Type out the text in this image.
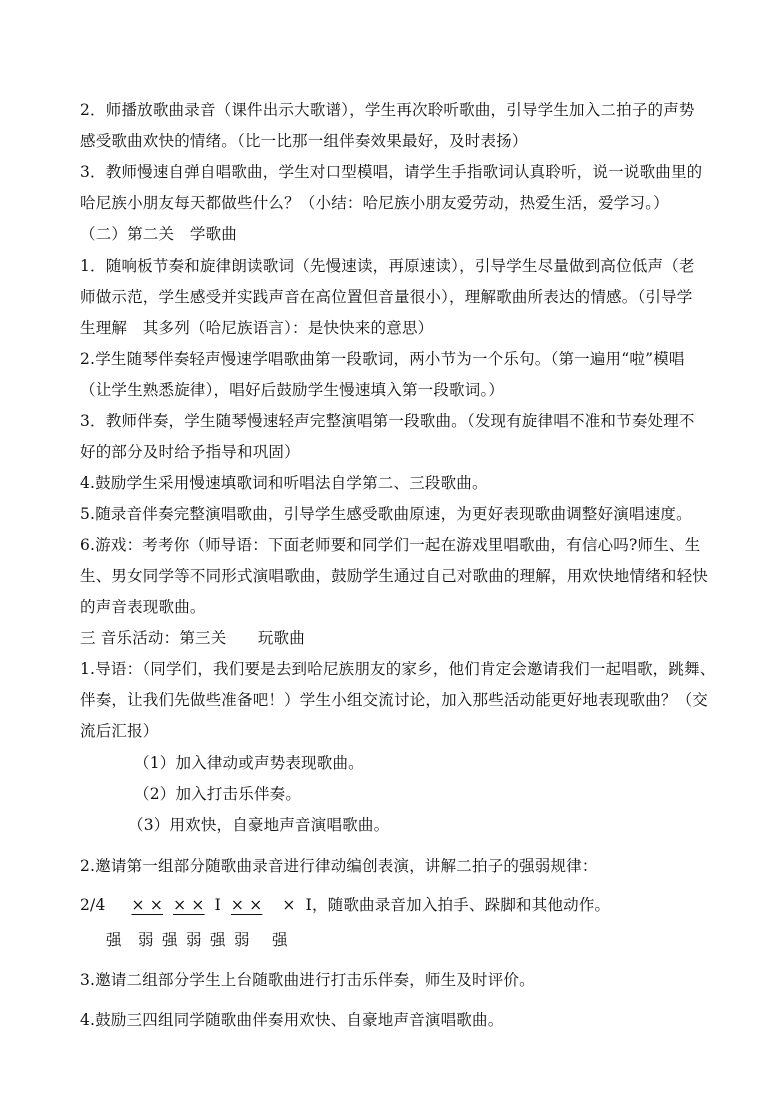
2．师播放歌曲录音（课件出示大歌谱），学生再次聆听歌曲，引导学生加入二拍子的声势
感受歌曲欢快的情绪。（比一比那一组伴奏效果最好，及时表扬）
3．教师慢速自弹自唱歌曲，学生对口型模唱，请学生手指歌词认真聆听，说一说歌曲里的
哈尼族小朋友每天都做些什么？（小结：哈尼族小朋友爱劳动，热爱生活，爱学习。）
（二）第二关　学歌曲
1．随响板节奏和旋律朗读歌词（先慢速读，再原速读），引导学生尽量做到高位低声（老
师做示范，学生感受并实践声音在高位置但音量很小），理解歌曲所表达的情感。（引导学
生理解　其多列（哈尼族语言）：是快快来的意思）
2.学生随琴伴奏轻声慢速学唱歌曲第一段歌词，两小节为一个乐句。（第一遍用“啦”模唱
（让学生熟悉旋律），唱好后鼓励学生慢速填入第一段歌词。）
3．教师伴奏，学生随琴慢速轻声完整演唱第一段歌曲。（发现有旋律唱不准和节奏处理不
好的部分及时给予指导和巩固）
4.鼓励学生采用慢速填歌词和听唱法自学第二、三段歌曲。
5.随录音伴奏完整演唱歌曲，引导学生感受歌曲原速，为更好表现歌曲调整好演唱速度。
6.游戏：考考你（师导语：下面老师要和同学们一起在游戏里唱歌曲，有信心吗?师生、生
生、男女同学等不同形式演唱歌曲，鼓励学生通过自己对歌曲的理解，用欢快地情绪和轻快
的声音表现歌曲。
三 音乐活动：第三关　　玩歌曲
1.导语：（同学们，我们要是去到哈尼族朋友的家乡，他们肯定会邀请我们一起唱歌，跳舞、
伴奏，让我们先做些准备吧！）学生小组交流讨论，加入那些活动能更好地表现歌曲？（交
流后汇报）
（1）加入律动或声势表现歌曲。
（2）加入打击乐伴奏。
（3）用欢快，自豪地声音演唱歌曲。
2.邀请第一组部分随歌曲录音进行律动编创表演，讲解二拍子的强弱规律：
2/4 × × × × I × × × I ，随歌曲录音加入拍手、跺脚和其他动作。
强 弱 强 弱 强 弱 强
3.邀请二组部分学生上台随歌曲进行打击乐伴奏，师生及时评价。
4.鼓励三四组同学随歌曲伴奏用欢快、自豪地声音演唱歌曲。
